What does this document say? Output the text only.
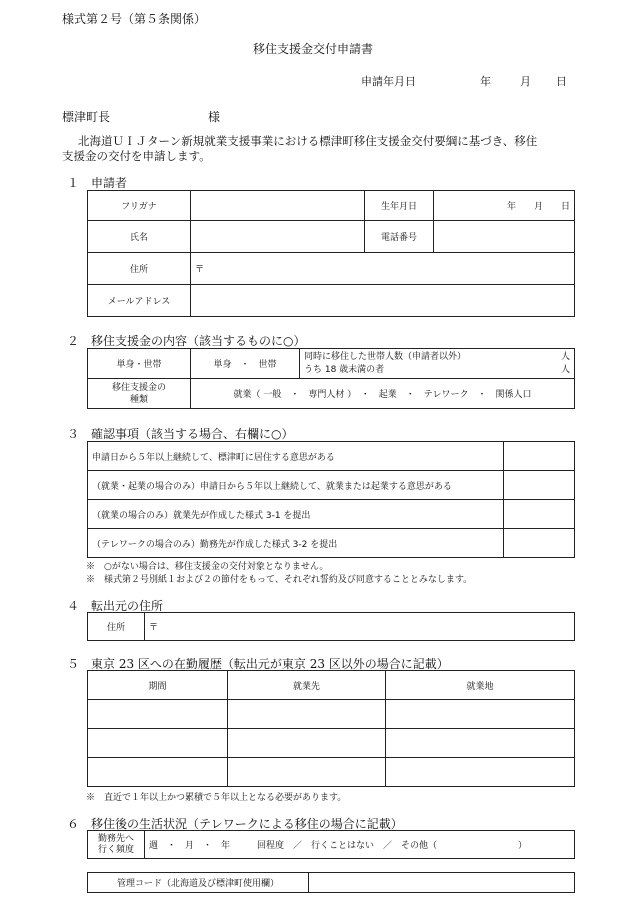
様式第２号（第５条関係）
移住支援金交付申請書
申請年月日	年	月 日
標津町長	様
北海道ＵＩＪターン新規就業支援事業における標津町移住支援金交付要綱に基づき、移住
支援金の交付を申請します。
１　申請者
フリガナ		生年月日	年　　月　　日
氏名		電話番号	
住所	〒		
メールアドレス			
２　移住支援金の内容（該当するものに○）
単身・世帯	単身　・　世帯	同時に移住した世帯人数（申請者以外） 人
うち 18 歳未満の者 人

移住支援金の
種類	就業（ 一般　・　専門人材 ）　・　起業　・　テレワーク　・　関係人口	
３　確認事項（該当する場合、右欄に○）
申請日から５年以上継続して、標津町に居住する意思がある	
（就業・起業の場合のみ）申請日から５年以上継続して、就業または起業する意思がある	
（就業の場合のみ）就業先が作成した様式 3-1 を提出	
（テレワークの場合のみ）勤務先が作成した様式 3-2 を提出	
※　○がない場合は、移住支援金の交付対象となりません。
※　様式第２号別紙１および２の節付をもって、それぞれ誓約及び同意することとみなします。
４　転出元の住所
住所	〒
５　東京 23 区への在勤履歴（転出元が東京 23 区以外の場合に記載）
期間	就業先	就業地

※　直近で１年以上かつ累積で５年以上となる必要があります。
６　移住後の生活状況（テレワークによる移住の場合に記載）
勤務先へ
行く頻度	週　・　月　・　年　　　回程度　／　行くことはない　／　その他（　　　　　　　　　）
管理コード（北海道及び標津町使用欄）	
